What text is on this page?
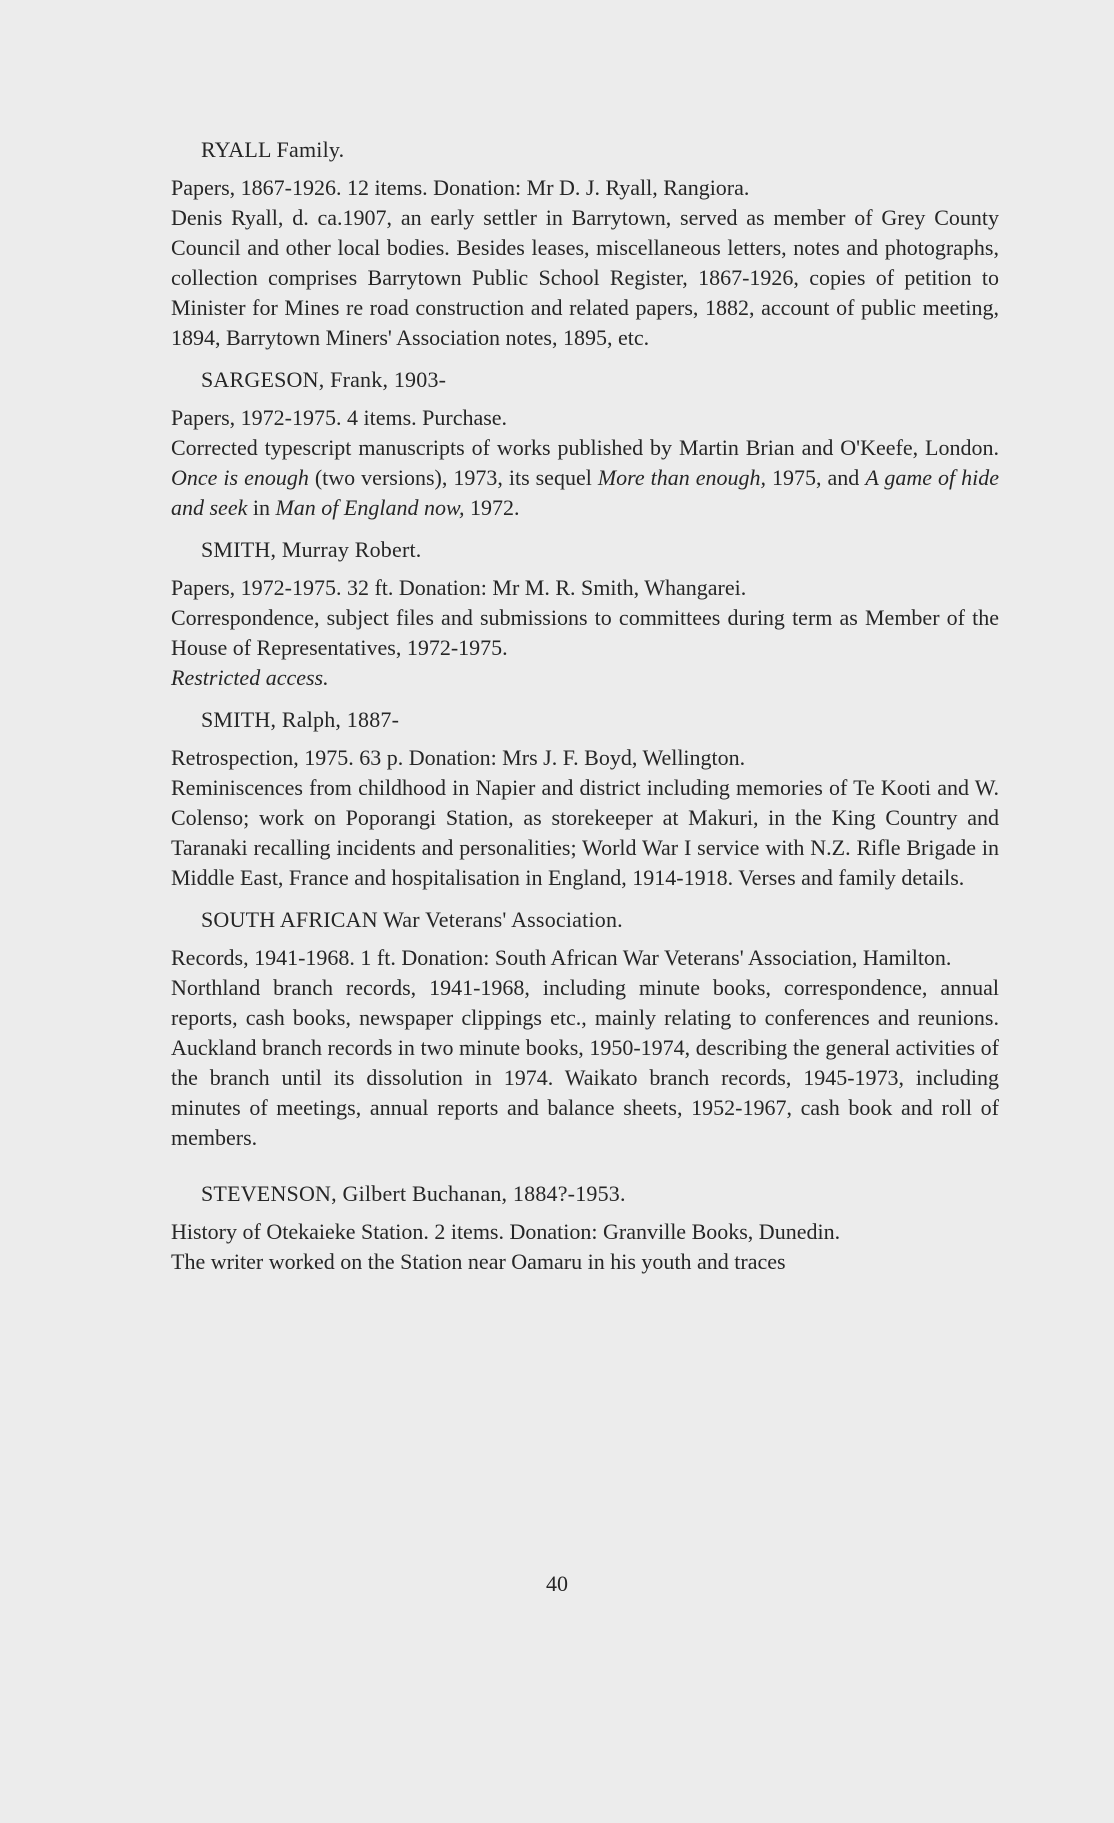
RYALL Family.

Papers, 1867-1926. 12 items. Donation: Mr D. J. Ryall, Rangiora.

Denis Ryall, d. ca.1907, an early settler in Barrytown, served as member of Grey County Council and other local bodies. Besides leases, miscellaneous letters, notes and photographs, collection comprises Barrytown Public School Register, 1867-1926, copies of petition to Minister for Mines re road construction and related papers, 1882, account of public meeting, 1894, Barrytown Miners' Association notes, 1895, etc.

SARGESON, Frank, 1903-

Papers, 1972-1975. 4 items. Purchase.

Corrected typescript manuscripts of works published by Martin Brian and O'Keefe, London. Once is enough (two versions), 1973, its sequel More than enough, 1975, and A game of hide and seek in Man of England now, 1972.

SMITH, Murray Robert.

Papers, 1972-1975. 32 ft. Donation: Mr M. R. Smith, Whangarei.

Correspondence, subject files and submissions to committees during term as Member of the House of Representatives, 1972-1975.

Restricted access.

SMITH, Ralph, 1887-

Retrospection, 1975. 63 p. Donation: Mrs J. F. Boyd, Wellington.

Reminiscences from childhood in Napier and district including memories of Te Kooti and W. Colenso; work on Poporangi Station, as storekeeper at Makuri, in the King Country and Taranaki recalling incidents and personalities; World War I service with N.Z. Rifle Brigade in Middle East, France and hospitalisation in England, 1914-1918. Verses and family details.

SOUTH AFRICAN War Veterans' Association.

Records, 1941-1968. 1 ft. Donation: South African War Veterans' Association, Hamilton.

Northland branch records, 1941-1968, including minute books, correspondence, annual reports, cash books, newspaper clippings etc., mainly relating to conferences and reunions. Auckland branch records in two minute books, 1950-1974, describing the general activities of the branch until its dissolution in 1974. Waikato branch records, 1945-1973, including minutes of meetings, annual reports and balance sheets, 1952-1967, cash book and roll of members.

STEVENSON, Gilbert Buchanan, 1884?-1953.

History of Otekaieke Station. 2 items. Donation: Granville Books, Dunedin.

The writer worked on the Station near Oamaru in his youth and traces

40
